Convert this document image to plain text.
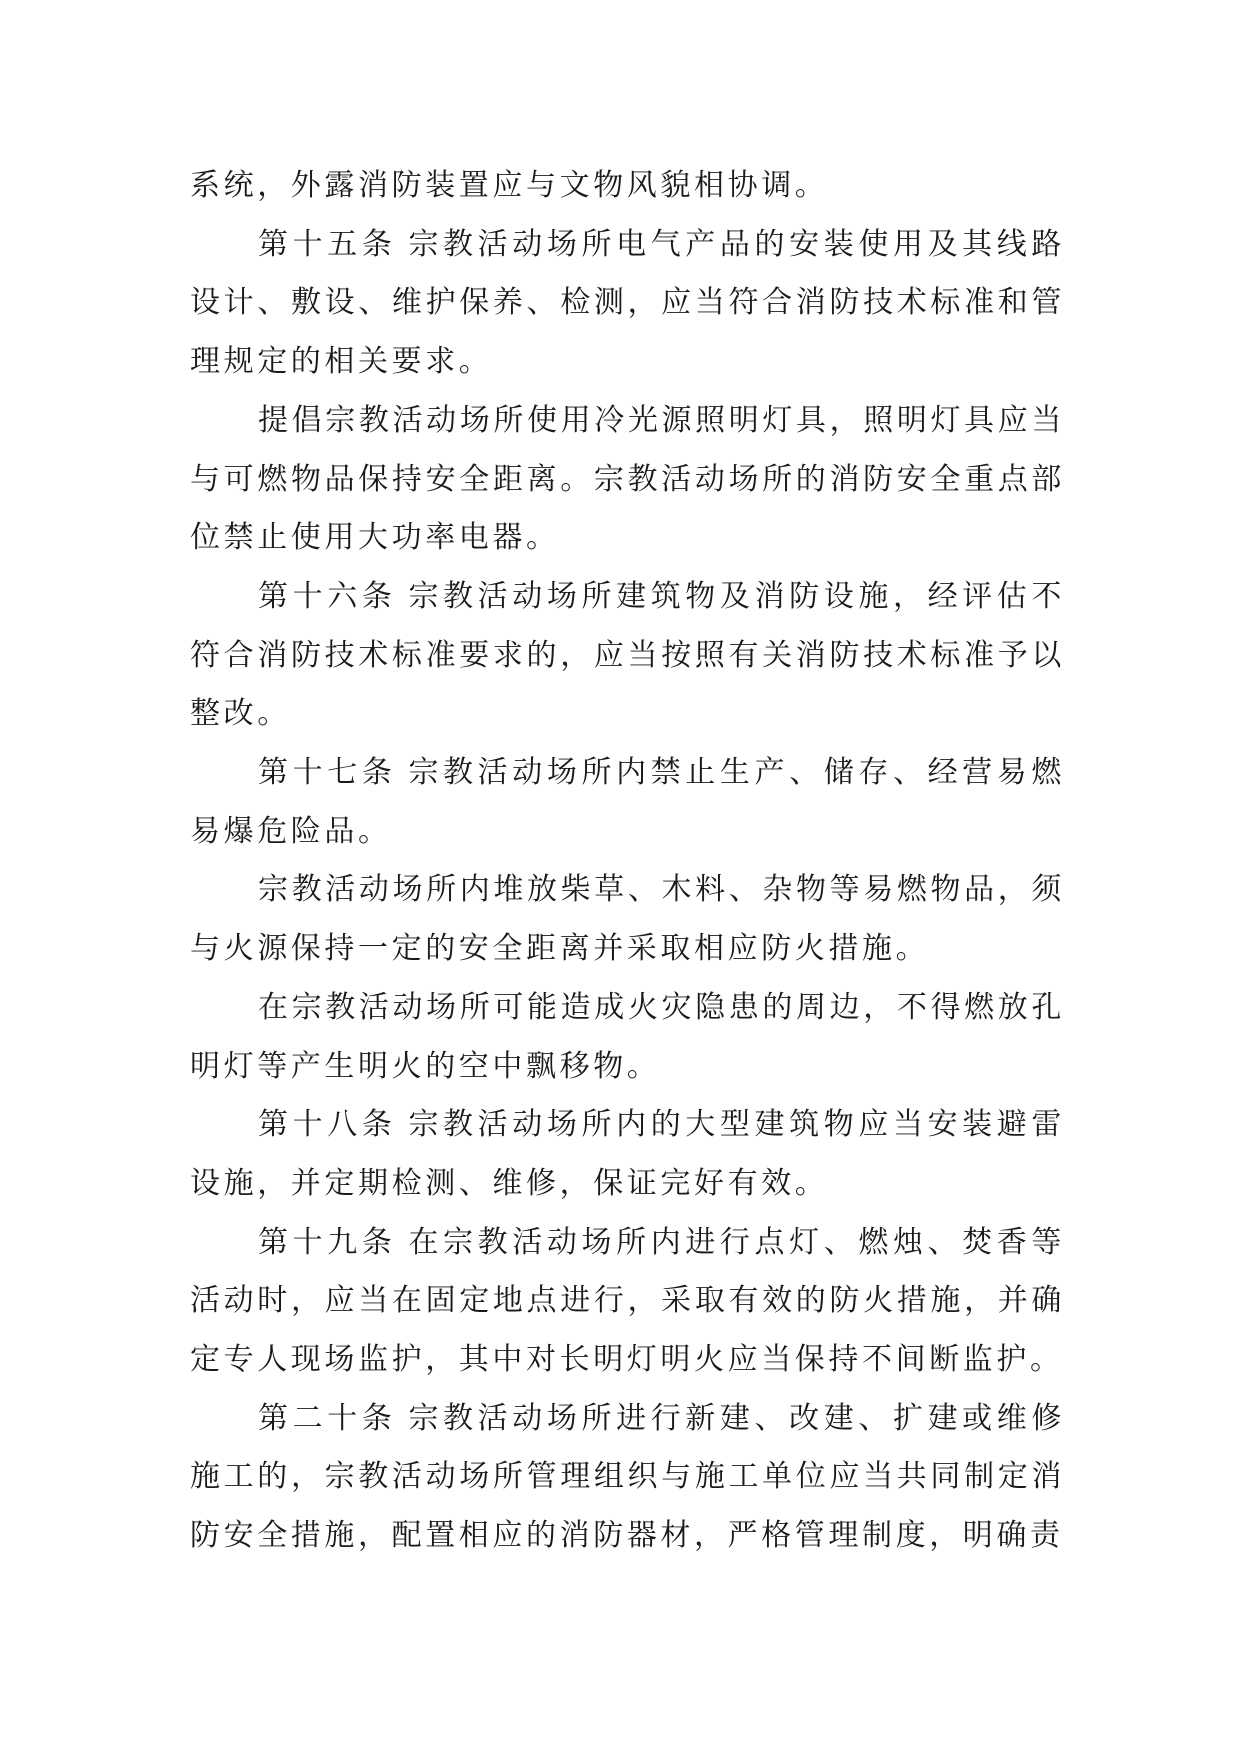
系统，外露消防装置应与文物风貌相协调。

第十五条 宗教活动场所电气产品的安装使用及其线路设计、敷设、维护保养、检测，应当符合消防技术标准和管理规定的相关要求。

提倡宗教活动场所使用冷光源照明灯具，照明灯具应当与可燃物品保持安全距离。宗教活动场所的消防安全重点部位禁止使用大功率电器。

第十六条 宗教活动场所建筑物及消防设施，经评估不符合消防技术标准要求的，应当按照有关消防技术标准予以整改。

第十七条 宗教活动场所内禁止生产、储存、经营易燃易爆危险品。

宗教活动场所内堆放柴草、木料、杂物等易燃物品，须与火源保持一定的安全距离并采取相应防火措施。

在宗教活动场所可能造成火灾隐患的周边，不得燃放孔明灯等产生明火的空中飘移物。

第十八条 宗教活动场所内的大型建筑物应当安装避雷设施，并定期检测、维修，保证完好有效。

第十九条 在宗教活动场所内进行点灯、燃烛、焚香等活动时，应当在固定地点进行，采取有效的防火措施，并确定专人现场监护，其中对长明灯明火应当保持不间断监护。

第二十条 宗教活动场所进行新建、改建、扩建或维修施工的，宗教活动场所管理组织与施工单位应当共同制定消防安全措施，配置相应的消防器材，严格管理制度，明确责
